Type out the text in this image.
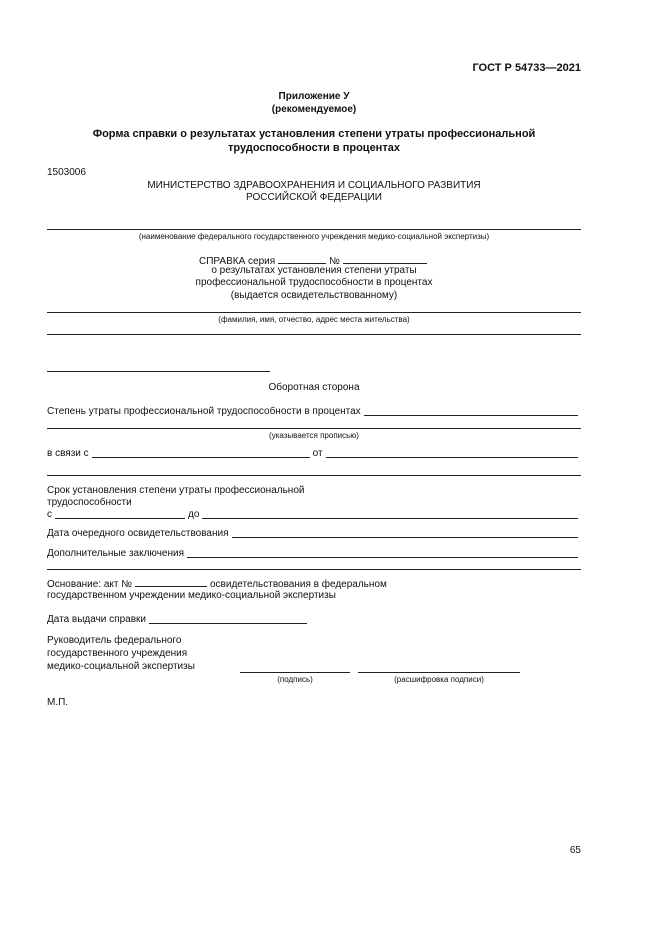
ГОСТ Р 54733—2021
Приложение У
(рекомендуемое)
Форма справки о результатах установления степени утраты профессиональной
трудоспособности в процентах
1503006
МИНИСТЕРСТВО ЗДРАВООХРАНЕНИЯ И СОЦИАЛЬНОГО РАЗВИТИЯ
РОССИЙСКОЙ ФЕДЕРАЦИИ
(наименование федерального государственного учреждения медико-социальной экспертизы)
СПРАВКА серия	№
о результатах установления степени утраты
профессиональной трудоспособности в процентах
(выдается освидетельствованному)
(фамилия, имя, отчество, адрес места жительства)
Оборотная сторона
Степень утраты профессиональной трудоспособности в процентах
(указывается прописью)
в связи с	от
Срок установления степени утраты профессиональной
трудоспособности
с	до
Дата очередного освидетельствования
Дополнительные заключения
Основание: акт №	освидетельствования в федеральном
государственном учреждении медико-социальной экспертизы
Дата выдачи справки
Руководитель федерального
государственного учреждения
медико-социальной экспертизы
(подпись)	(расшифровка подписи)
М.П.
65
